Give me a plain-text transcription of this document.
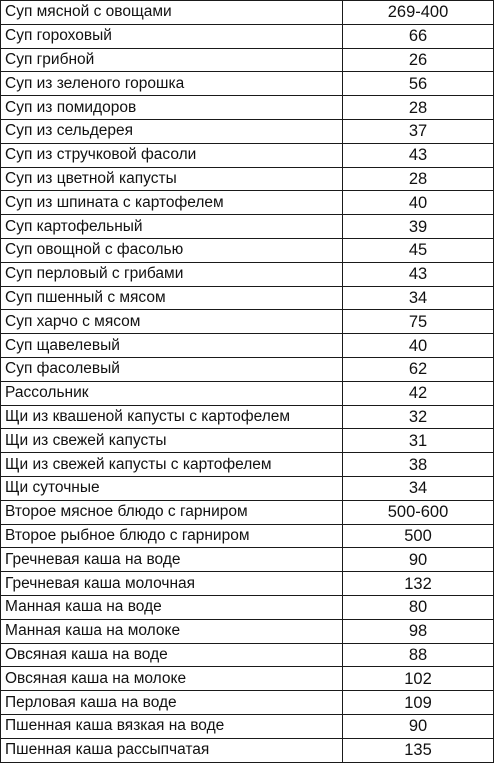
Суп мясной с овощами	269-400
Суп гороховый	66
Суп грибной	26
Суп из зеленого горошка	56
Суп из помидоров	28
Суп из сельдерея	37
Суп из стручковой фасоли	43
Суп из цветной капусты	28
Суп из шпината с картофелем	40
Суп картофельный	39
Суп овощной с фасолью	45
Суп перловый с грибами	43
Суп пшенный с мясом	34
Суп харчо с мясом	75
Суп щавелевый	40
Суп фасолевый	62
Рассольник	42
Щи из квашеной капусты с картофелем	32
Щи из свежей капусты	31
Щи из свежей капусты с картофелем	38
Щи суточные	34
Второе мясное блюдо с гарниром	500-600
Второе рыбное блюдо с гарниром	500
Гречневая каша на воде	90
Гречневая каша молочная	132
Манная каша на воде	80
Манная каша на молоке	98
Овсяная каша на воде	88
Овсяная каша на молоке	102
Перловая каша на воде	109
Пшенная каша вязкая на воде	90
Пшенная каша рассыпчатая	135
